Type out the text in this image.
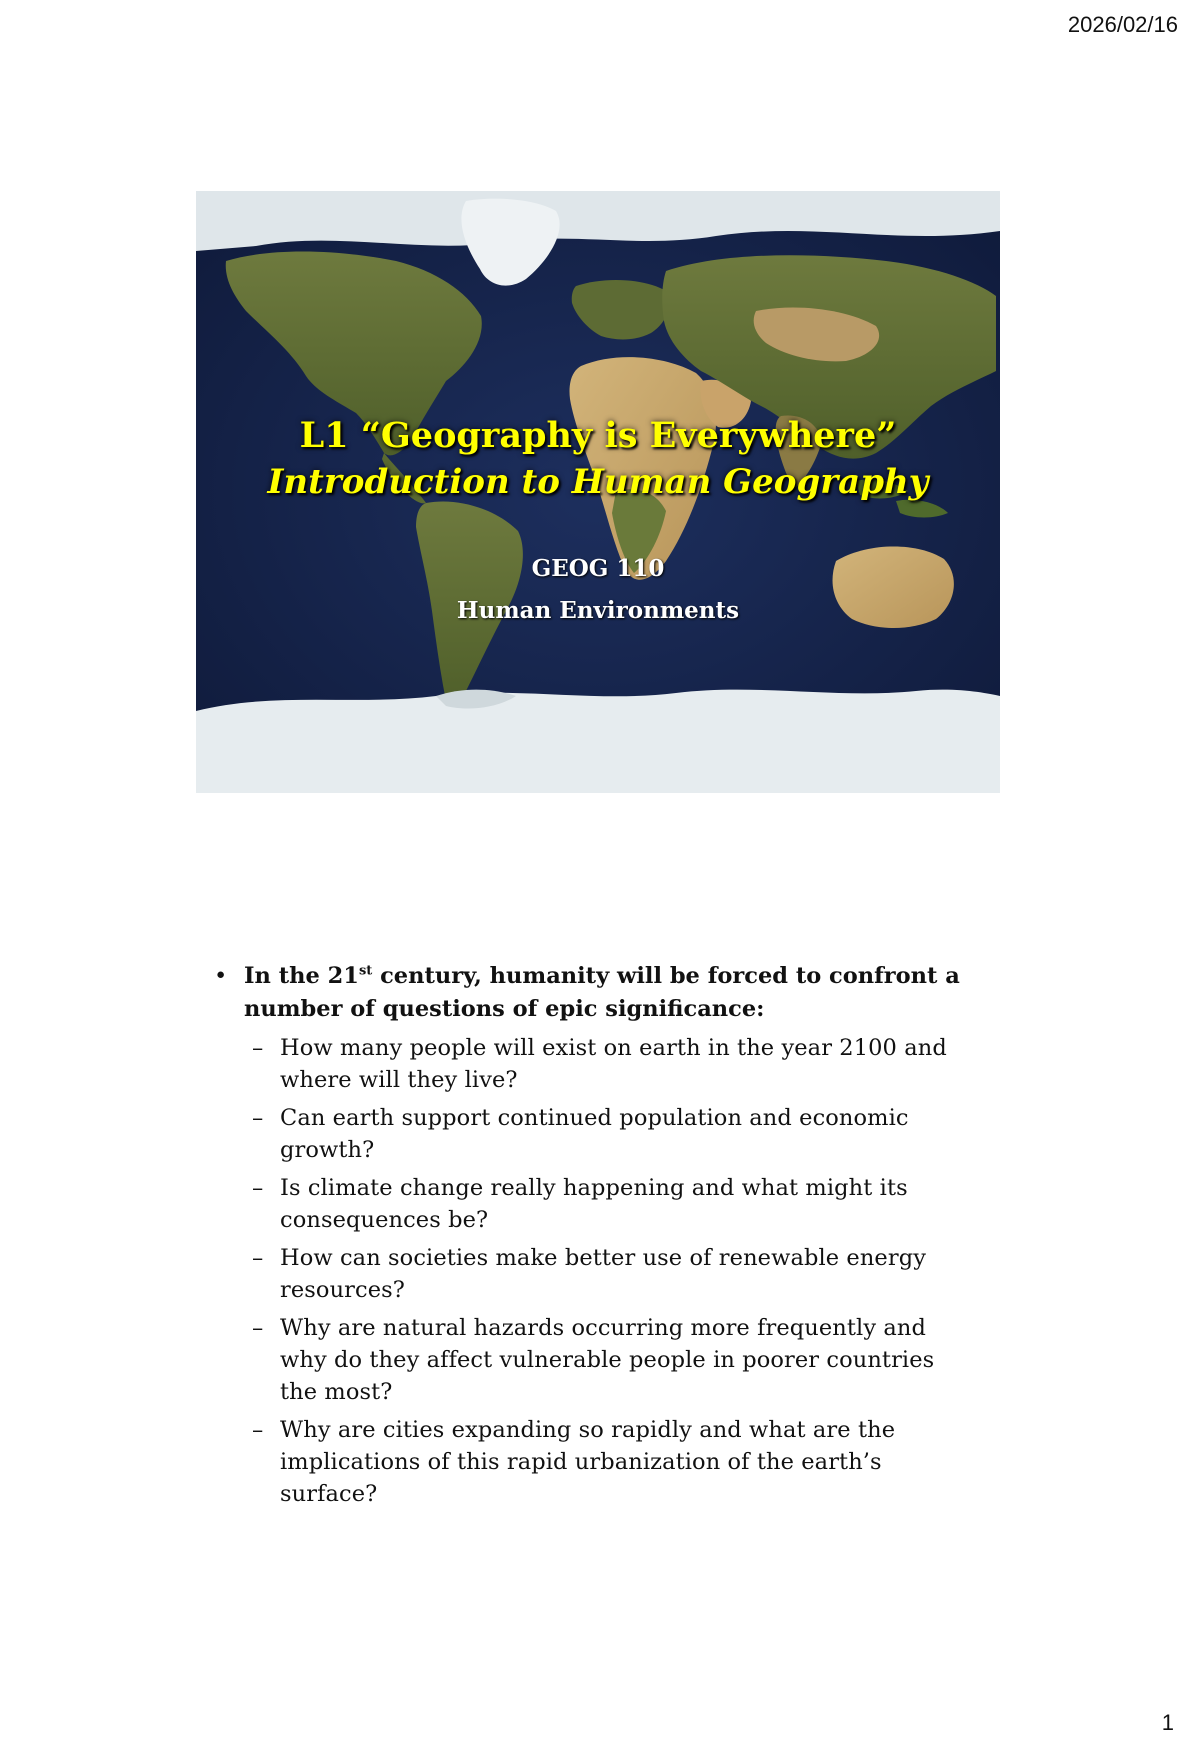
2026/02/16
L1 “Geography is Everywhere”
Introduction to Human Geography
GEOG 110
Human Environments
• In the 21st century, humanity will be forced to confront a number of questions of epic significance:
– How many people will exist on earth in the year 2100 and where will they live?
– Can earth support continued population and economic growth?
– Is climate change really happening and what might its consequences be?
– How can societies make better use of renewable energy resources?
– Why are natural hazards occurring more frequently and why do they affect vulnerable people in poorer countries the most?
– Why are cities expanding so rapidly and what are the implications of this rapid urbanization of the earth’s surface?
1
